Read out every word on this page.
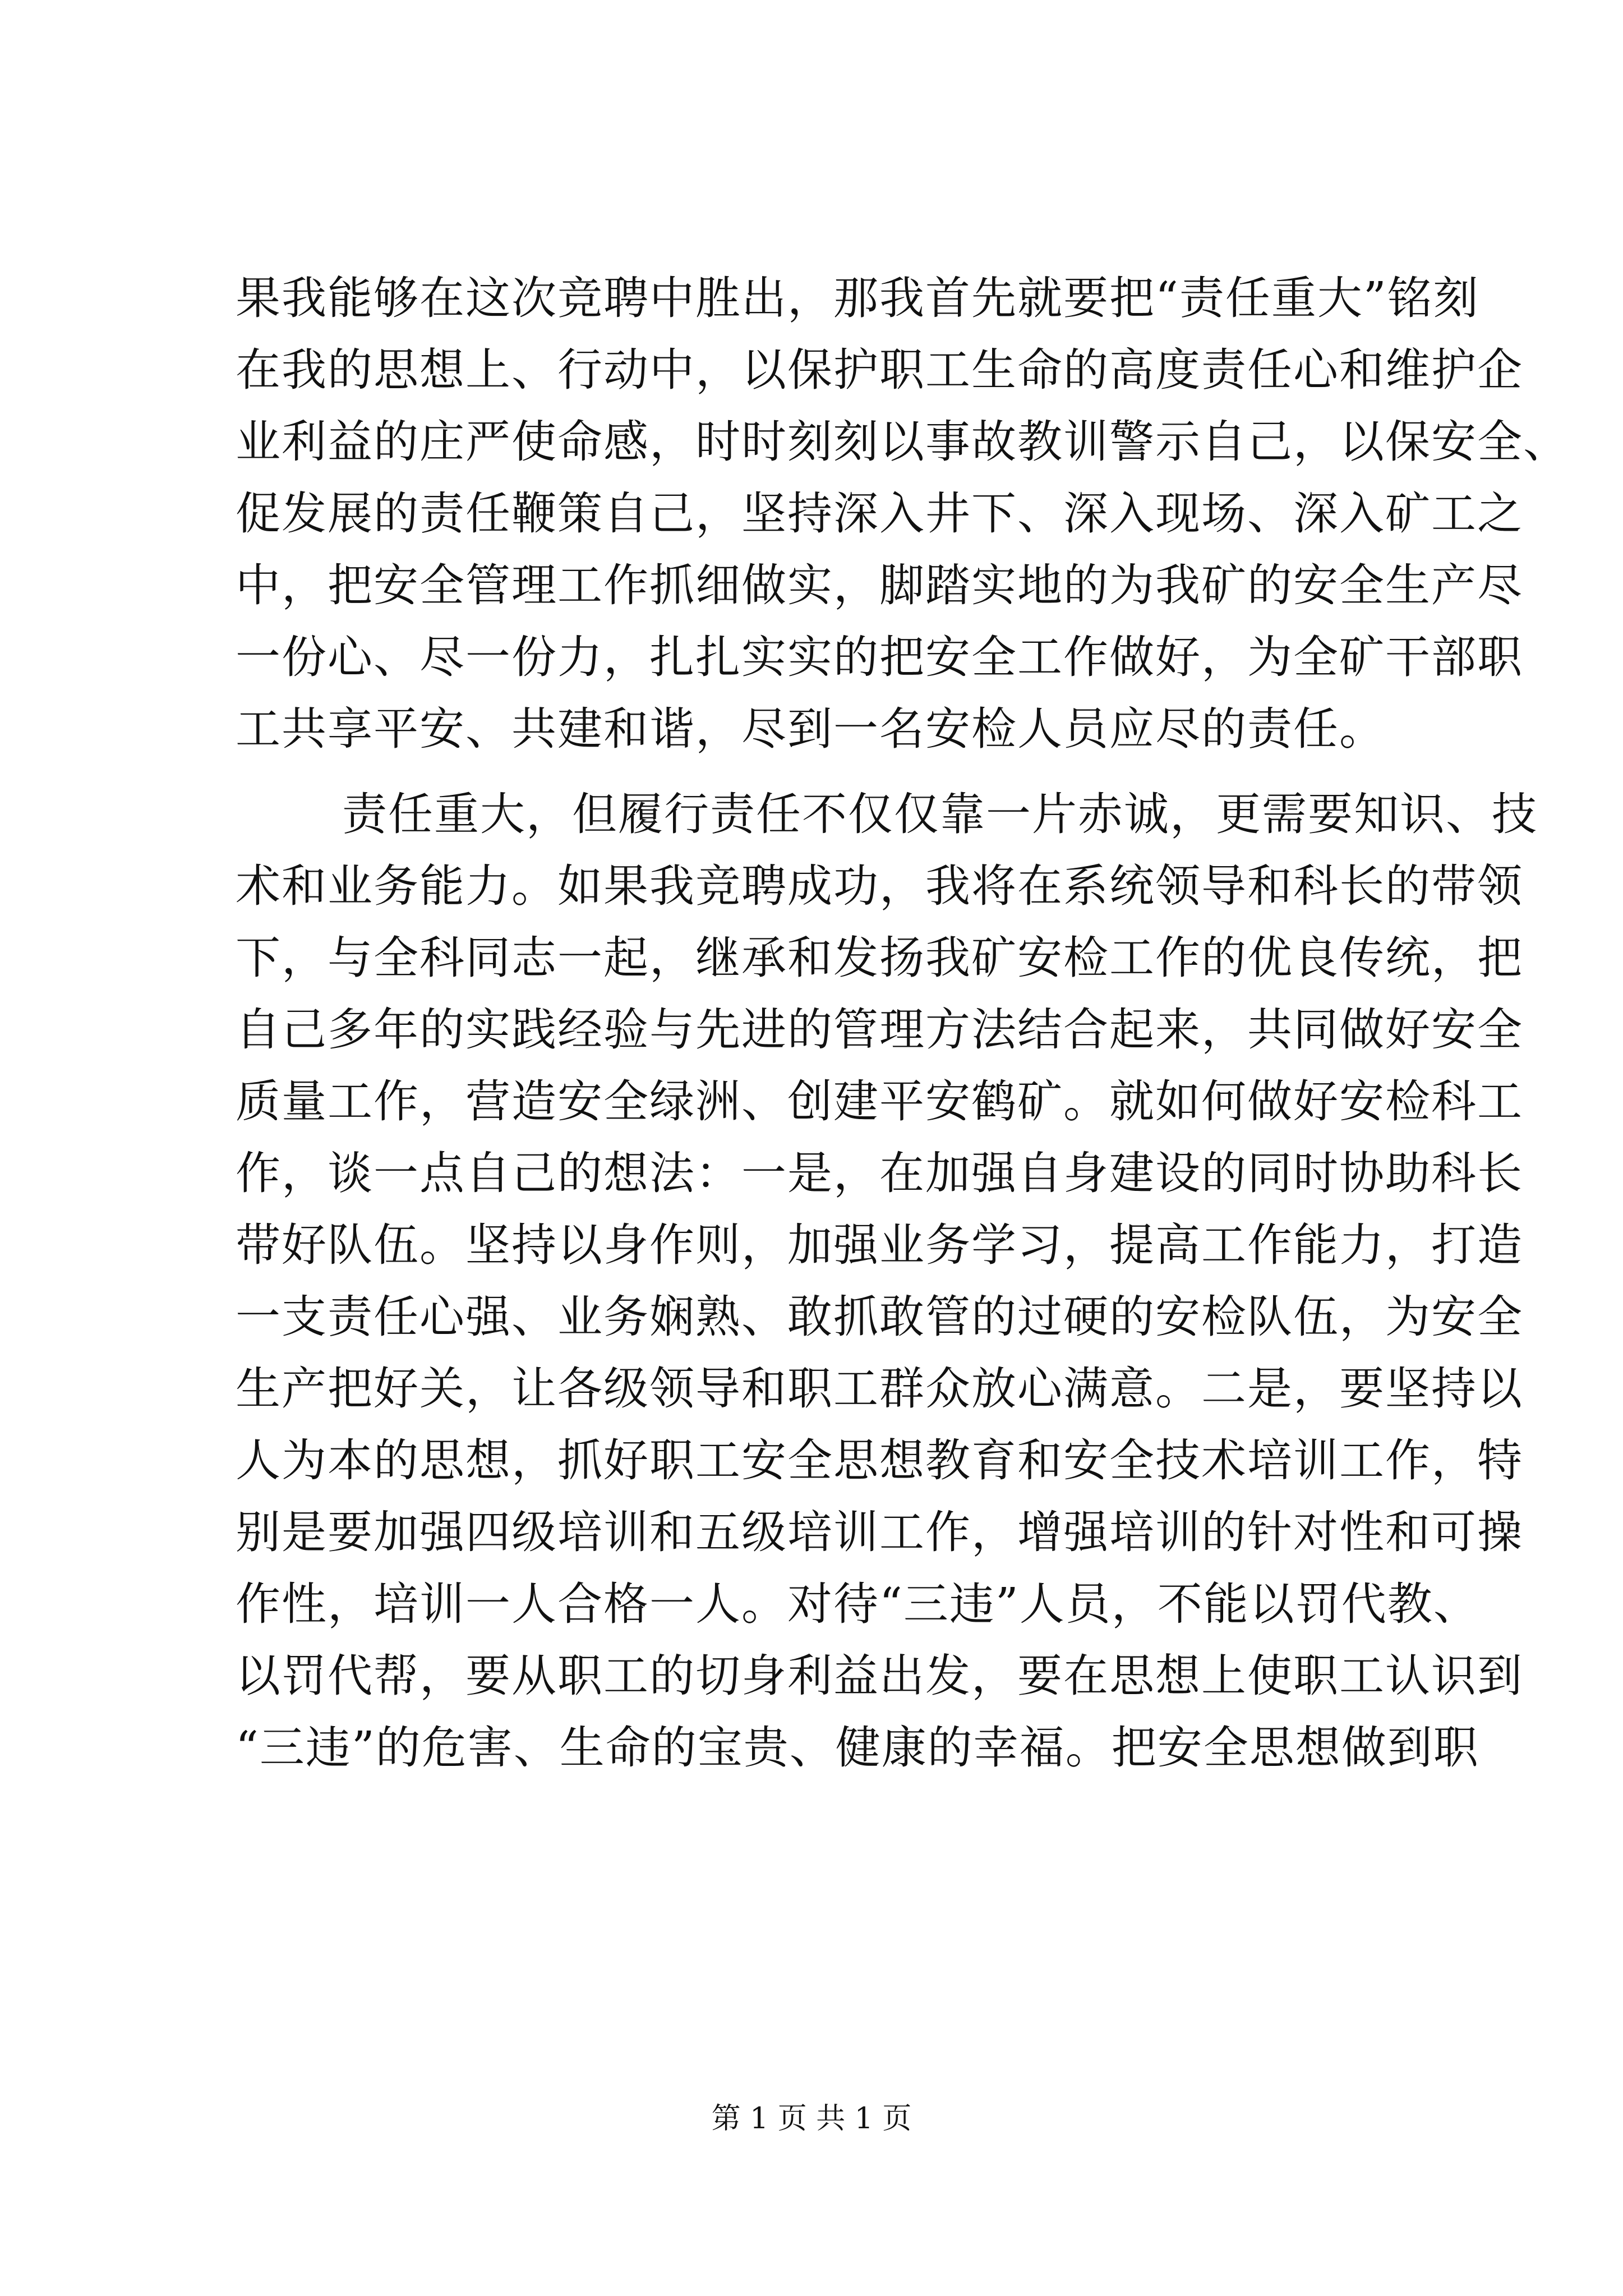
果我能够在这次竞聘中胜出，那我首先就要把“责任重大”铭刻
在我的思想上、行动中，以保护职工生命的高度责任心和维护企
业利益的庄严使命感，时时刻刻以事故教训警示自己，以保安全、
促发展的责任鞭策自己，坚持深入井下、深入现场、深入矿工之
中，把安全管理工作抓细做实，脚踏实地的为我矿的安全生产尽
一份心、尽一份力，扎扎实实的把安全工作做好，为全矿干部职
工共享平安、共建和谐，尽到一名安检人员应尽的责任。
责任重大，但履行责任不仅仅靠一片赤诚，更需要知识、技
术和业务能力。如果我竞聘成功，我将在系统领导和科长的带领
下，与全科同志一起，继承和发扬我矿安检工作的优良传统，把
自己多年的实践经验与先进的管理方法结合起来，共同做好安全
质量工作，营造安全绿洲、创建平安鹤矿。就如何做好安检科工
作，谈一点自己的想法：一是，在加强自身建设的同时协助科长
带好队伍。坚持以身作则，加强业务学习，提高工作能力，打造
一支责任心强、业务娴熟、敢抓敢管的过硬的安检队伍，为安全
生产把好关，让各级领导和职工群众放心满意。二是，要坚持以
人为本的思想，抓好职工安全思想教育和安全技术培训工作，特
别是要加强四级培训和五级培训工作，增强培训的针对性和可操
作性，培训一人合格一人。对待“三违”人员，不能以罚代教、
以罚代帮，要从职工的切身利益出发，要在思想上使职工认识到
“三违”的危害、生命的宝贵、健康的幸福。把安全思想做到职
第 1 页 共 1 页
